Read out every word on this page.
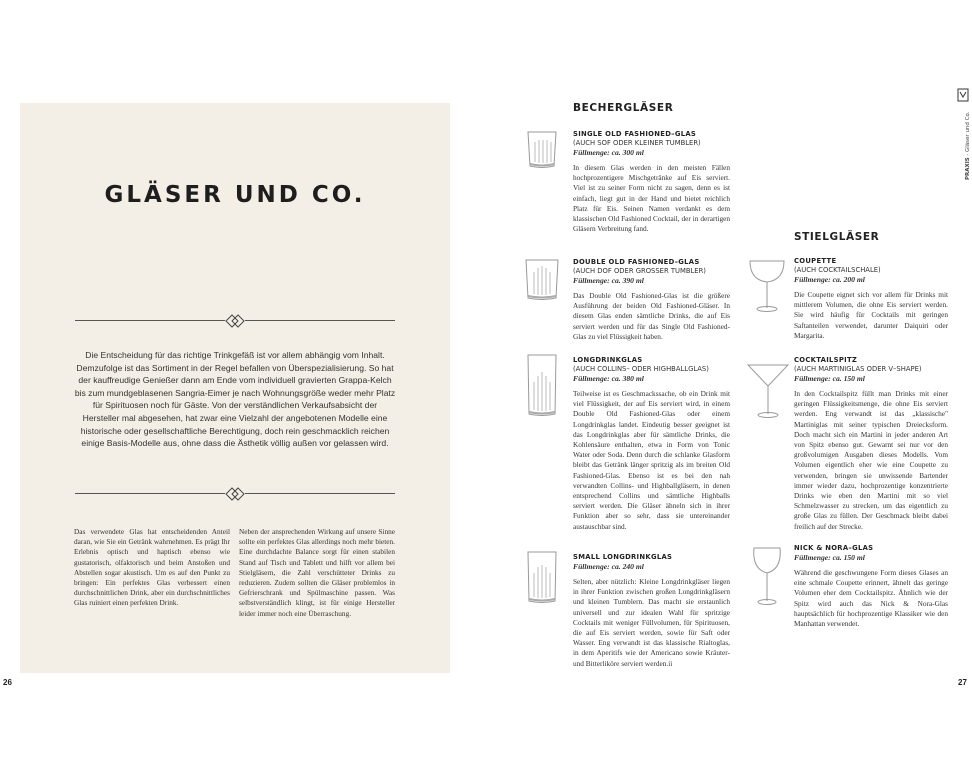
GLÄSER UND CO.

Die Entscheidung für das richtige Trinkgefäß ist vor allem abhängig vom Inhalt. Demzufolge ist das Sortiment in der Regel befallen von Überspezialisierung. So hat der kauffreudige Genießer dann am Ende vom individuell gravierten Grappa-Kelch bis zum mundgeblasenen Sangria-Eimer je nach Wohnungsgröße weder mehr Platz für Spirituosen noch für Gäste. Von der verständlichen Verkaufsabsicht der Hersteller mal abgesehen, hat zwar eine Vielzahl der angebotenen Modelle eine historische oder gesellschaftliche Berechtigung, doch rein geschmacklich reichen einige Basis-Modelle aus, ohne dass die Ästhetik völlig außen vor gelassen wird.

Das verwendete Glas hat entscheidenden Anteil daran, wie Sie ein Getränk wahrnehmen. Es prägt Ihr Erlebnis optisch und haptisch ebenso wie gustatorisch, olfaktorisch und beim Anstoßen und Abstellen sogar akustisch. Um es auf den Punkt zu bringen: Ein perfektes Glas verbessert einen durchschnittlichen Drink, aber ein durchschnittliches Glas ruiniert einen perfekten Drink.

Neben der ansprechenden Wirkung auf unsere Sinne sollte ein perfektes Glas allerdings noch mehr bieten. Eine durchdachte Balance sorgt für einen stabilen Stand auf Tisch und Tablett und hilft vor allem bei Stielgläsern, die Zahl verschütteter Drinks zu reduzieren. Zudem sollten die Gläser problemlos in Gefrierschrank und Spülmaschine passen. Was selbstverständlich klingt, ist für einige Hersteller leider immer noch eine Überraschung.

26
BECHERGLÄSER
STIELGLÄSER
SINGLE OLD FASHIONED–GLAS
(AUCH SOF ODER KLEINER TUMBLER)
Füllmenge: ca. 300 ml
In diesem Glas werden in den meisten Fällen hochprozentigere Mischgetränke auf Eis serviert. Viel ist zu seiner Form nicht zu sagen, denn es ist einfach, liegt gut in der Hand und bietet reichlich Platz für Eis. Seinen Namen verdankt es dem klassischen Old Fashioned Cocktail, der in derartigen Gläsern Verbreitung fand.
DOUBLE OLD FASHIONED–GLAS
(AUCH DOF ODER GROSSER TUMBLER)
Füllmenge: ca. 390 ml
Das Double Old Fashioned-Glas ist die größere Ausführung der beiden Old Fashioned-Gläser. In diesem Glas enden sämtliche Drinks, die auf Eis serviert werden und für das Single Old Fashioned-Glas zu viel Flüssigkeit haben.
LONGDRINKGLAS
(AUCH COLLINS– ODER HIGHBALLGLAS)
Füllmenge: ca. 380 ml
Teilweise ist es Geschmackssache, ob ein Drink mit viel Flüssigkeit, der auf Eis serviert wird, in einem Double Old Fashioned-Glas oder einem Longdrinkglas landet. Eindeutig besser geeignet ist das Longdrinkglas aber für sämtliche Drinks, die Kohlensäure enthalten, etwa in Form von Tonic Water oder Soda. Denn durch die schlanke Glasform bleibt das Getränk länger spritzig als im breiten Old Fashioned-Glas. Ebenso ist es bei den nah verwandten Collins- und Highballgläsern, in denen entsprechend Collins und sämtliche Highballs serviert werden. Die Gläser ähneln sich in ihrer Funktion aber so sehr, dass sie untereinander austauschbar sind.
SMALL LONGDRINKGLAS
Füllmenge: ca. 240 ml
Selten, aber nützlich: Kleine Longdrinkgläser liegen in ihrer Funktion zwischen großen Longdrinkgläsern und kleinen Tumblern. Das macht sie erstaunlich universell und zur idealen Wahl für spritzige Cocktails mit weniger Füllvolumen, für Spirituosen, die auf Eis serviert werden, sowie für Saft oder Wasser. Eng verwandt ist das klassische Rialtoglas, in dem Aperitifs wie der Americano sowie Kräuter- und Bitterliköre serviert werden.ii
COUPETTE
(AUCH COCKTAILSCHALE)
Füllmenge: ca. 200 ml
Die Coupette eignet sich vor allem für Drinks mit mittlerem Volumen, die ohne Eis serviert werden. Sie wird häufig für Cocktails mit geringen Saftanteilen verwendet, darunter Daiquiri oder Margarita.
COCKTAILSPITZ
(AUCH MARTINIGLAS ODER V–SHAPE)
Füllmenge: ca. 150 ml
In den Cocktailspitz füllt man Drinks mit einer geringen Flüssigkeitsmenge, die ohne Eis serviert werden. Eng verwandt ist das „klassische" Martiniglas mit seiner typischen Dreiecksform. Doch macht sich ein Martini in jeder anderen Art von Spitz ebenso gut. Gewarnt sei nur vor den großvolumigen Ausgaben dieses Modells. Vom Volumen eigentlich eher wie eine Coupette zu verwenden, bringen sie unwissende Bartender immer wieder dazu, hochprozentige konzentrierte Drinks wie eben den Martini mit so viel Schmelzwasser zu strecken, um das eigentlich zu große Glas zu füllen. Der Geschmack bleibt dabei freilich auf der Strecke.
NICK & NORA–GLAS
Füllmenge: ca. 150 ml
Während die geschwungene Form dieses Glases an eine schmale Coupette erinnert, ähnelt das geringe Volumen eher dem Cocktailspitz. Ähnlich wie der Spitz wird auch das Nick & Nora-Glas hauptsächlich für hochprozentige Klassiker wie den Manhattan verwendet.
PRAXIS · Gläser und Co.
27
